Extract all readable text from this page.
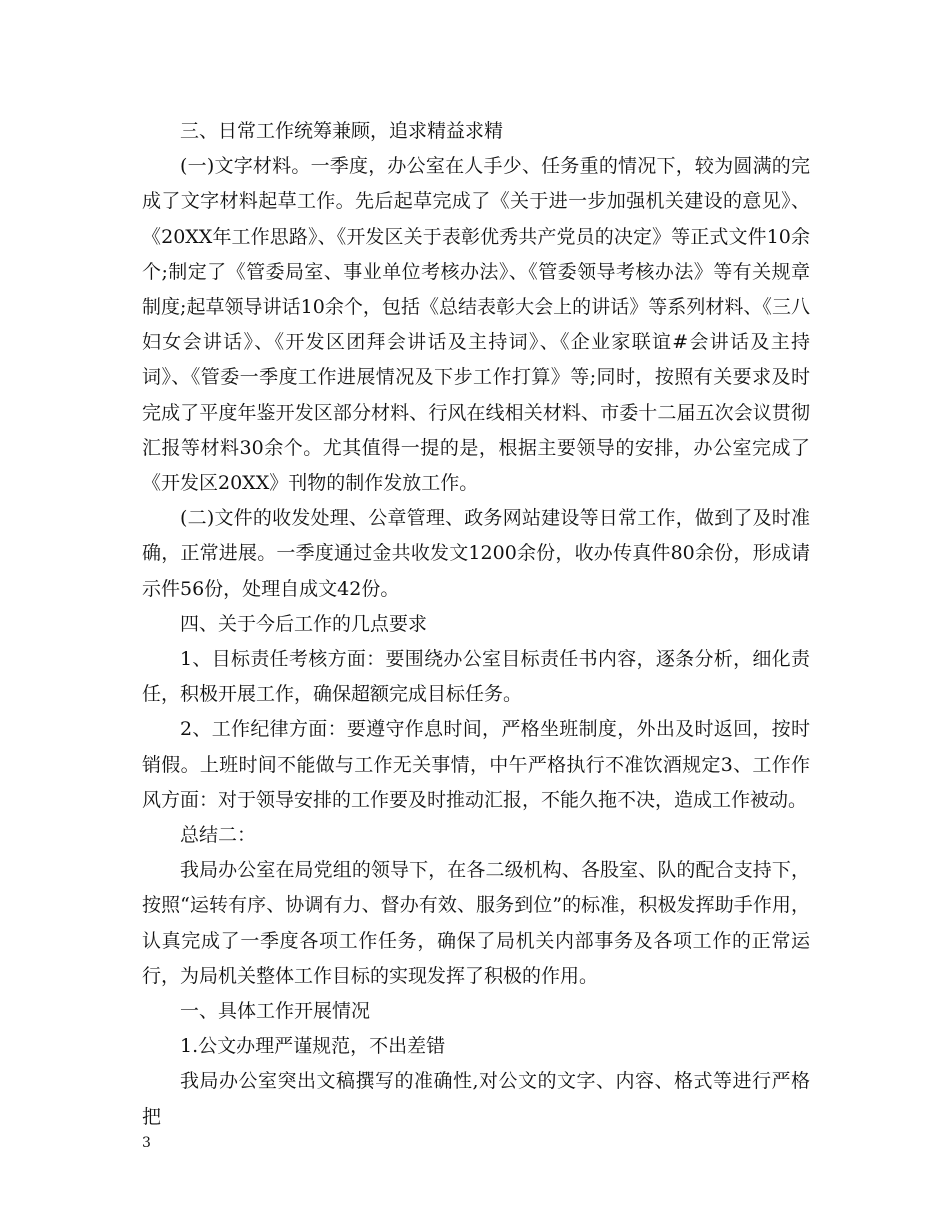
三、日常工作统筹兼顾，追求精益求精

(一)文字材料。一季度，办公室在人手少、任务重的情况下，较为圆满的完成了文字材料起草工作。先后起草完成了《关于进一步加强机关建设的意见》、《20XX年工作思路》、《开发区关于表彰优秀共产党员的决定》等正式文件10余个;制定了《管委局室、事业单位考核办法》、《管委领导考核办法》等有关规章制度;起草领导讲话10余个，包括《总结表彰大会上的讲话》等系列材料、《三八妇女会讲话》、《开发区团拜会讲话及主持词》、《企业家联谊#会讲话及主持词》、《管委一季度工作进展情况及下步工作打算》等;同时，按照有关要求及时完成了平度年鉴开发区部分材料、行风在线相关材料、市委十二届五次会议贯彻汇报等材料30余个。尤其值得一提的是，根据主要领导的安排，办公室完成了《开发区20XX》刊物的制作发放工作。

(二)文件的收发处理、公章管理、政务网站建设等日常工作，做到了及时准确，正常进展。一季度通过金共收发文1200余份，收办传真件80余份，形成请示件56份，处理自成文42份。

四、关于今后工作的几点要求

1、目标责任考核方面：要围绕办公室目标责任书内容，逐条分析，细化责任，积极开展工作，确保超额完成目标任务。

2、工作纪律方面：要遵守作息时间，严格坐班制度，外出及时返回，按时销假。上班时间不能做与工作无关事情，中午严格执行不准饮酒规定3、工作作风方面：对于领导安排的工作要及时推动汇报，不能久拖不决，造成工作被动。

总结二：

我局办公室在局党组的领导下，在各二级机构、各股室、队的配合支持下，按照“运转有序、协调有力、督办有效、服务到位”的标准，积极发挥助手作用，认真完成了一季度各项工作任务，确保了局机关内部事务及各项工作的正常运行，为局机关整体工作目标的实现发挥了积极的作用。

一、具体工作开展情况

1.公文办理严谨规范，不出差错

我局办公室突出文稿撰写的准确性,对公文的文字、内容、格式等进行严格把

3
